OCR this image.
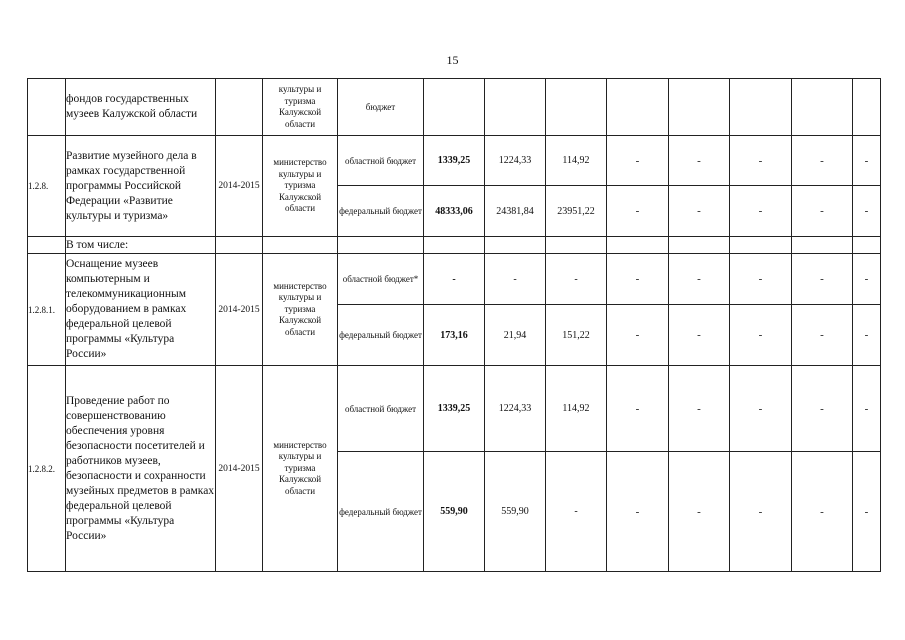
15
	фондов государственных музеев Калужской области		культуры и туризма Калужской области	бюджет								
1.2.8.	Развитие музейного дела в рамках государственной программы Российской Федерации «Развитие культуры и туризма»	2014-2015	министерство культуры и туризма Калужской области	областной бюджет	1339,25	1224,33	114,92	-	-	-	-	-
				федеральный бюджет	48333,06	24381,84	23951,22	-	-	-	-	-
	В том числе:											
1.2.8.1.	Оснащение музеев компьютерным и телекоммуникационным оборудованием в рамках федеральной целевой программы «Культура России»	2014-2015	министерство культуры и туризма Калужской области	областной бюджет*	-	-	-	-	-	-	-	-
				федеральный бюджет	173,16	21,94	151,22	-	-	-	-	-
1.2.8.2.	Проведение работ по совершенствованию обеспечения уровня безопасности посетителей и работников музеев, безопасности и сохранности музейных предметов в рамках федеральной целевой программы «Культура России»	2014-2015	министерство культуры и туризма Калужской области	областной бюджет	1339,25	1224,33	114,92	-	-	-	-	-
				федеральный бюджет	559,90	559,90	-	-	-	-	-	-
